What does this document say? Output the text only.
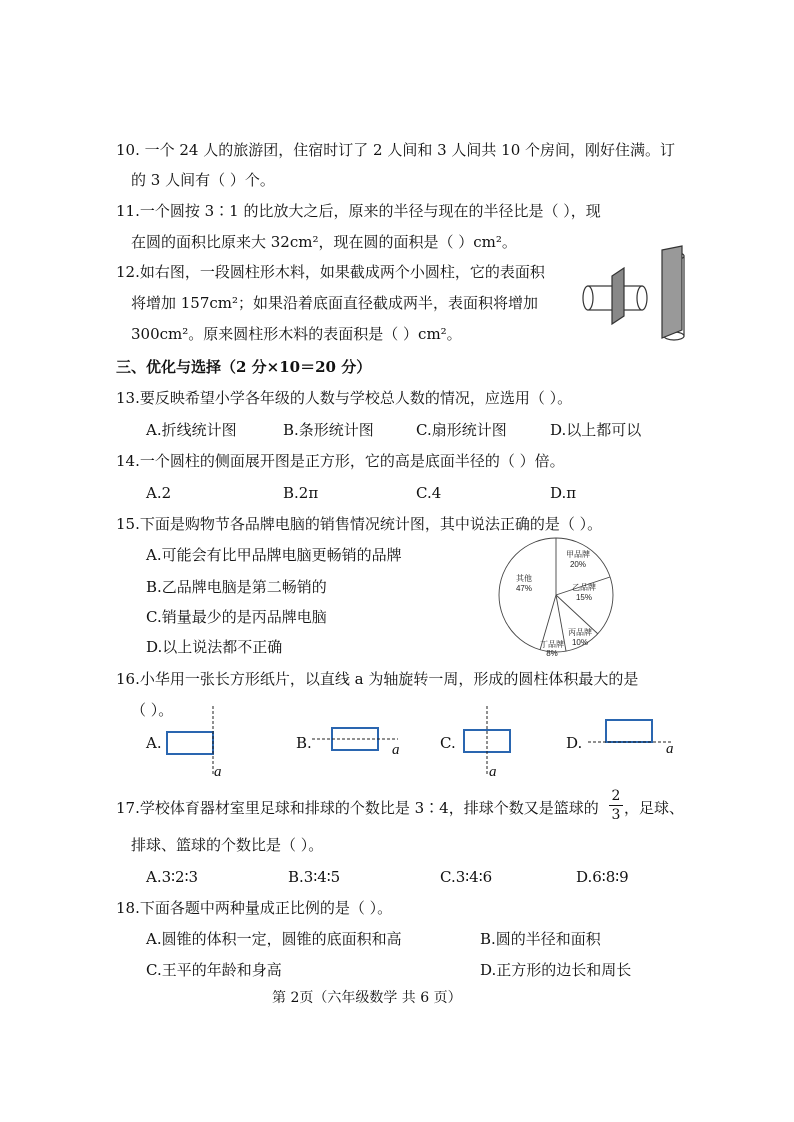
10. 一个 24 人的旅游团，住宿时订了 2 人间和 3 人间共 10 个房间，刚好住满。订
的 3 人间有（ ）个。
11.一个圆按 3∶1 的比放大之后，原来的半径与现在的半径比是（ ），现
在圆的面积比原来大 32cm²，现在圆的面积是（ ）cm²。
12.如右图，一段圆柱形木料，如果截成两个小圆柱，它的表面积
将增加 157cm²；如果沿着底面直径截成两半，表面积将增加
300cm²。原来圆柱形木料的表面积是（ ）cm²。
三、优化与选择（2 分×10＝20 分）
13.要反映希望小学各年级的人数与学校总人数的情况，应选用（ ）。
A.折线统计图	B.条形统计图	C.扇形统计图	D.以上都可以
14.一个圆柱的侧面展开图是正方形，它的高是底面半径的（ ）倍。
A.2	B.2π	C.4	D.π
15.下面是购物节各品牌电脑的销售情况统计图，其中说法正确的是（ ）。
A.可能会有比甲品牌电脑更畅销的品牌
B.乙品牌电脑是第二畅销的
C.销量最少的是丙品牌电脑
D.以上说法都不正确
甲品牌
20%
乙品牌
15%
丙品牌
10%
丁品牌
8%
其他
47%
16.小华用一张长方形纸片，以直线 a 为轴旋转一周，形成的圆柱体积最大的是
（ ）。
A.
a
B.	a	C.
a
D.	a
17.学校体育器材室里足球和排球的个数比是 3∶4，排球个数又是篮球的
2
3 ，足球、
排球、篮球的个数比是（ ）。
A.3∶2∶3	B.3∶4∶5	C.3∶4∶6	D.6∶8∶9
18.下面各题中两种量成正比例的是（ ）。
A.圆锥的体积一定，圆锥的底面积和高	B.圆的半径和面积
C.王平的年龄和身高	D.正方形的边长和周长
第 2页（六年级数学 共 6 页）
